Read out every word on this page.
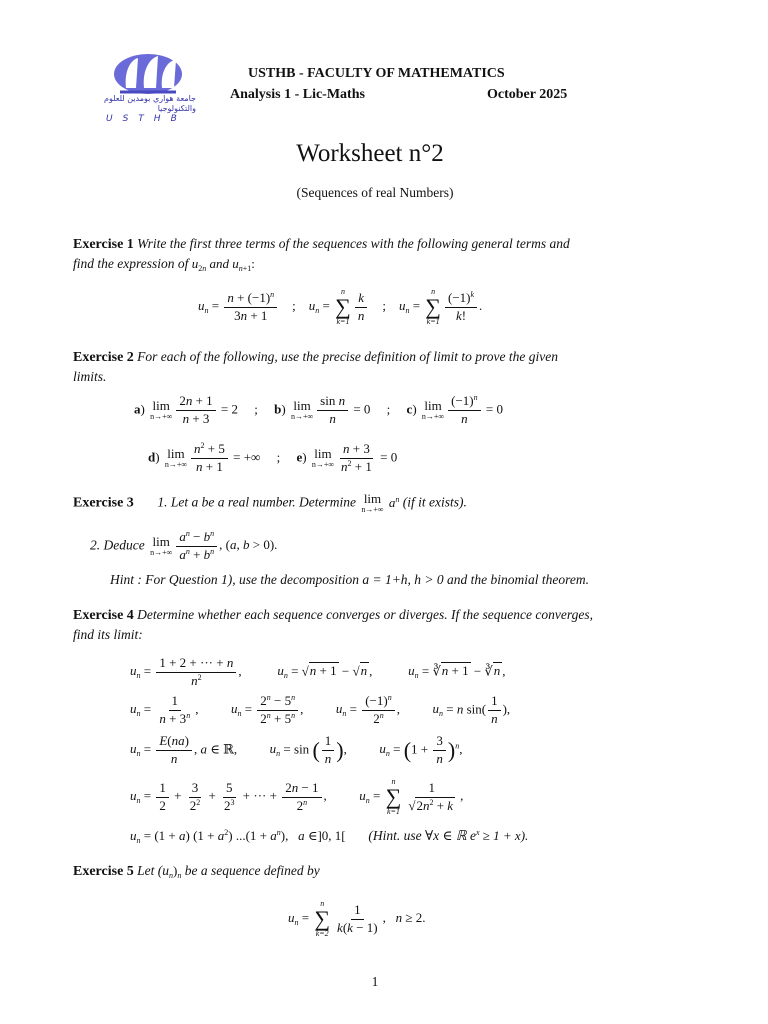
جامعة هواري بومدين للعلوم والتكنولوجيا
USTHB
USTHB - FACULTY OF MATHEMATICS
Analysis 1 - Lic-Maths	October 2025
Worksheet n°2
(Sequences of real Numbers)
Exercise 1 Write the first three terms of the sequences with the following general terms and
find the expression of $u_{2n}$ and $u_{n+1}$:
$u_n = \frac{n + (-1)^n}{3n + 1}$ ;    $u_n$ =
n
∑
$k=1 \frac{k}{n}$ ;    $u_n$ =
n
∑
$k=1 \frac{(-1)^k}{k!}$ .
Exercise 2 For each of the following, use the precise definition of limit to prove the given
limits.
a) lim
$n\to+\infty \frac{2n + 1}{n + 3} = 2$     ;     b) lim
$n\to+\infty \frac{\text{sin n}}{n} = 0$     ;     c) lim
$n\to+\infty \frac{(-1)^n}{n} = 0$
d) lim
$n\to+\infty \frac{n^2 + 5}{n + 1}$ = +∞     ;     e) lim
$n\to+\infty \frac{n + 3}{n^2 + 1} = 0$
Exercise 3 1. Let a be a real number. Determine lim
n→+∞
$a^n$ (if it exists).
2. Deduce lim
$n\to+\infty \frac{a^n - b^n}{a^n + b^n}$ , (a, b > 0).
Hint : For Question 1), use the decomposition a = 1+h, h > 0 and the binomial theorem.
Exercise 4 Determine whether each sequence converges or diverges. If the sequence converges,
find its limit:
$u_n = \frac{1 + 2 + \cdot\cdot\cdot + n}{n^2}$ ,           $u_n = √n + 1 - √n$ ,           $u_n$ = ∛n + 1 − ∛n ,
$u_n = \frac{1}{n + 3^n}$ ,          $u_n = \frac{2^n - 5^n}{2^n + 5^n}$ ,          $u_n = \frac{(-1)^n}{2^n}$ ,          $u_n = n$ $\sin( \frac{1}{n}$ ),
$u_n = \frac{E(na)}{n}$ , a ∈ ℝ,          $u_n = \sin$ ( $\frac{1}{n}$ ),          $u_n = (1 + \frac{3}{n} )^n$,
$u_n = \frac{1}{2} + \frac{3}{2^2} + \frac{5}{2^3}$ + ··· + $\frac{2n - 1}{2^n}$ ,          $u_n$ =
n
∑
$k=1 \frac{1}{√2n^2 + k}$ ,
$u_n = (1 + a) (1 + a^2) ...(1 + a^n)$,   a ∈]0, 1[       (Hint. use ∀x ∈ ℝ $e^x \ge 1 + x$).
Exercise 5 Let $(u_n)_n$ be a sequence defined by
$u_n$ =
n
∑
$k=2 \frac{1}{k(k - 1)}$ ,   n ≥ 2.
1
